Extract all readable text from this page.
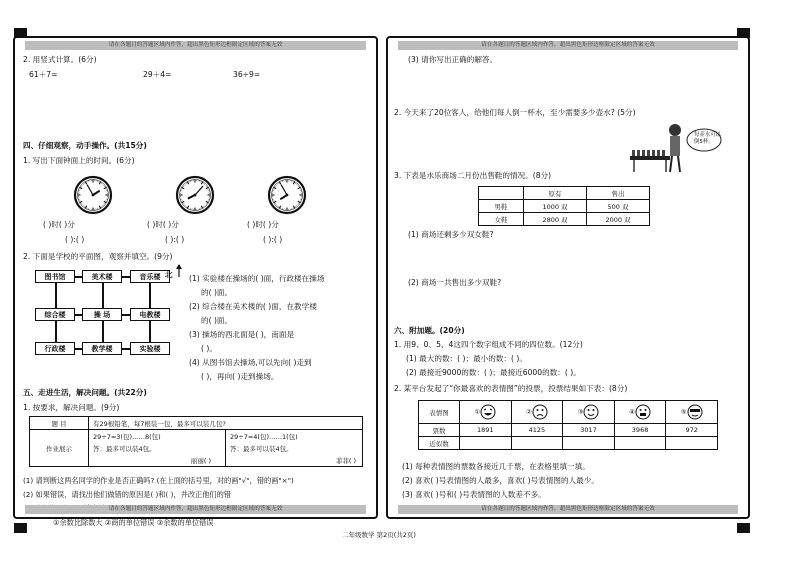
二年级数学 第2页(共2页)
请在各题目的答题区域内作答，超出黑色矩形边框限定区域的答案无效
2. 用竖式计算。(6分)
61＋7=	29＋4=	36÷9=
四、仔细观察，动手操作。(共15分)
1. 写出下面钟面上的时间。(6分)
( )时( )分	( )时( )分	( )时( )分
( ):( )	( ):( )	( ):( )
2. 下面是学校的平面图，观察并填空。(9分)
图书馆	美术楼	音乐楼
综合楼	操 场	电教楼
行政楼	教学楼	实验楼
北 (1) 实验楼在操场的( )面，行政楼在操场
的( )面。
(2) 综合楼在美术楼的( )面，在教学楼
的( )面。
(3) 操场的西北面是( )，南面是
( )。
(4) 从图书馆去操场,可以先向( )走到
( )，再向( )走到操场。
五、走进生活，解决问题。(共22分)
1. 按要求，解决问题。(9分)
题 目	有29根铅笔，每7根装一包，最多可以装几包?	
作业展示	29÷7=3(包)……8(包)	29÷7=4(包)……1(包)
	答：最多可以装4包。	答：最多可以装4包。
	丽丽( )	菲菲( )
(1) 请判断这两名同学的作业是否正确吗? (在上面的括号里，对的画"√"，错的画"×")
(2) 如果错误，请找出他们做错的原因是( )和( )，并改正他们的错
①余数比除数大 ②商的单位错误 ③余数的单位错误
请在各题目的答题区域内作答，超出黑色矩形边框限定区域的答案无效
请在各题目的答题区域内作答，超出黑色矩形边框限定区域的答案无效
(3) 请你写出正确的解答。
2. 今天来了20位客人，给他们每人倒一杯水，至少需要多少壶水? (5分)
每壶水可以倒5杯。
3. 下表是水乐商场二月份出售鞋的情况。(8分)
	原有	售出
男鞋	1000 双	500 双
女鞋	2800 双	2000 双
(1) 商场还剩多少双女鞋?
(2) 商场一共售出多少双鞋?
六、附加题。(20分)
1. 用9、0、5、4这四个数字组成不同的四位数。(12分)
(1) 最大的数：( )；最小的数：( )。
(2) 最接近9000的数：( )；最接近6000的数：( )。
2. 某平台发起了“你最喜欢的表情图”的投票，投票结果如下表：(8分)
表情图	①	②	③	④	⑤
票数	1891	4125	3017	3968	972
近似数					
(1) 每种表情图的票数各接近几千票，在表格里填一填。
(2) 喜欢( )号表情图的人最多，喜欢( )号表情图的人最少。
(3) 喜欢( )号和( )号表情图的人数差不多。
请在各题目的答题区域内作答，超出黑色矩形边框限定区域的答案无效
